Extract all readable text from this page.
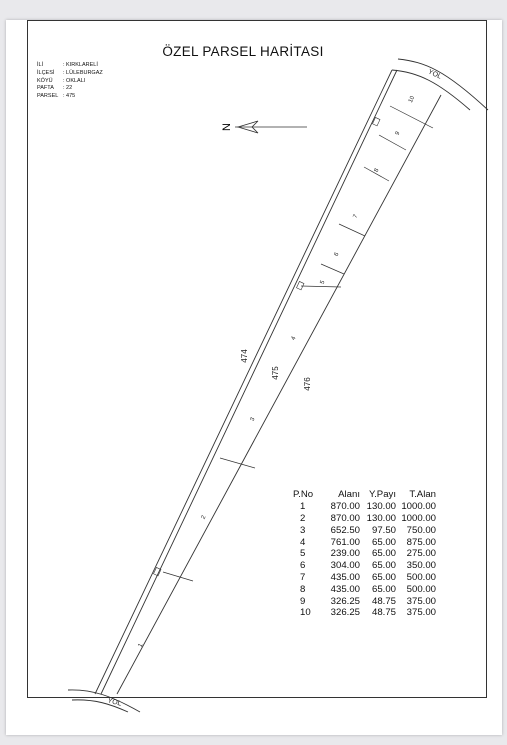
ÖZEL PARSEL HARİTASI
İLİ	: KIRKLARELİ
İLÇESİ : LÜLEBURGAZ
KÖYÜ : OKLALI
PAFTA : 22
PARSEL : 475
N
YOL
YOL
474
475
476
1
2
3
4
5
6
7
8
9
10
P.No	Alanı	Y.Payı	T.Alan
1	870.00	130.00	1000.00
2	870.00	130.00	1000.00
3	652.50	97.50	750.00
4	761.00	65.00	875.00
5	239.00	65.00	275.00
6	304.00	65.00	350.00
7	435.00	65.00	500.00
8	435.00	65.00	500.00
9	326.25	48.75	375.00
10	326.25	48.75	375.00
